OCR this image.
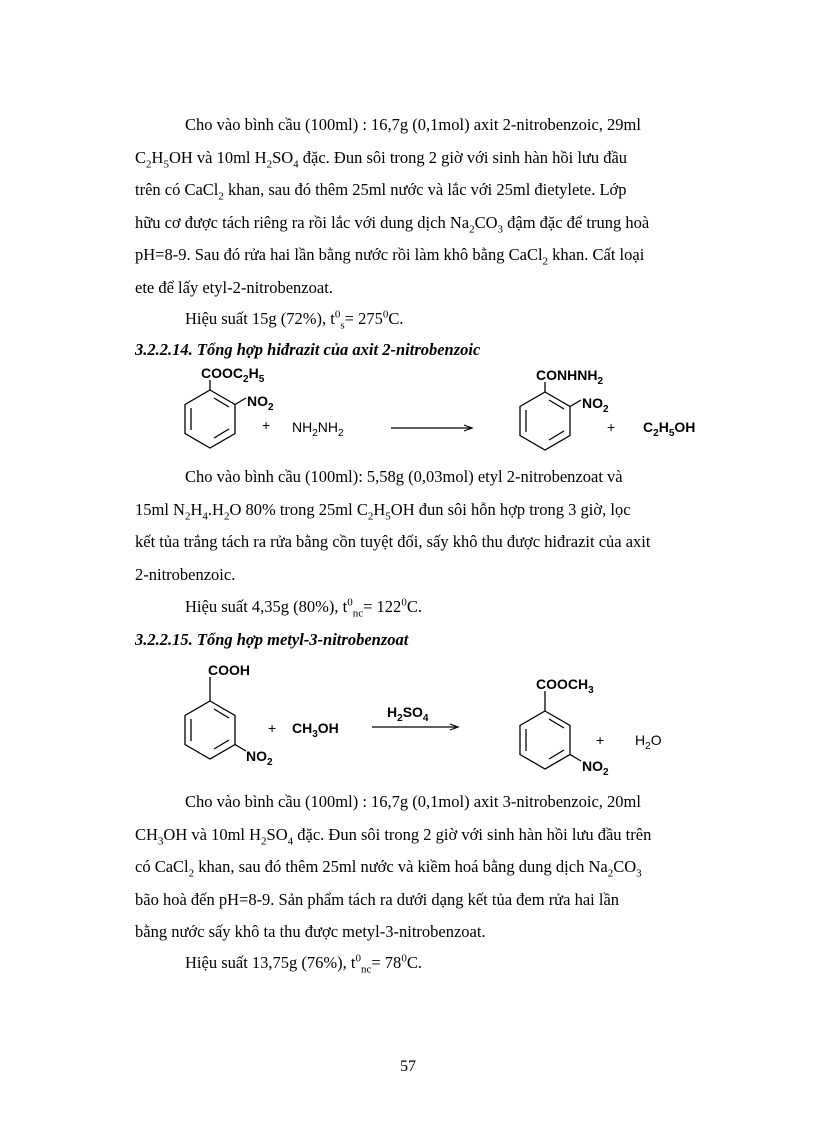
Cho vào bình cầu (100ml) : 16,7g (0,1mol) axit 2-nitrobenzoic, 29ml
$C_2H_5OH$ và 10ml $H_2SO_4$ đặc. Đun sôi trong 2 giờ với sinh hàn hồi lưu đầu
trên có CaCl$_2$ khan, sau đó thêm 25ml nước và lắc với 25ml đietylete. Lớp
hữu cơ được tách riêng ra rồi lắc với dung dịch $Na_2CO_3$ đậm đặc để trung hoà
pH=8-9. Sau đó rửa hai lần bằng nước rồi làm khô bằng CaCl$_2$ khan. Cất loại
ete để lấy etyl-2-nitrobenzoat.

Hiệu suất 15g (72%), $t^0_s= 275^0C$.

3.2.2.14. Tổng hợp hiđrazit của axit 2-nitrobenzoic

$COOC_2H_5$
$NO_2$
+ $NH_2NH_2$
$CONHNH_2$
$NO_2$
+ $C_2H_5OH$
Cho vào bình cầu (100ml): 5,58g (0,03mol) etyl 2-nitrobenzoat và
15ml $N_2H_4.H_2O$ 80% trong 25ml $C_2H_5OH$ đun sôi hỗn hợp trong 3 giờ, lọc
kết tủa trắng tách ra rửa bằng cồn tuyệt đối, sấy khô thu được hiđrazit của axit
2-nitrobenzoic.

Hiệu suất 4,35g (80%), $t^0_{nc}= 122^0C$.

3.2.2.15. Tổng hợp metyl-3-nitrobenzoat

COOH
$NO_2$
+ $CH_3OH$
$H_2SO_4$
$COOCH_3$
$NO_2$
+ $H_2O$
Cho vào bình cầu (100ml) : 16,7g (0,1mol) axit 3-nitrobenzoic, 20ml
$CH_3OH$ và 10ml $H_2SO_4$ đặc. Đun sôi trong 2 giờ với sinh hàn hồi lưu đầu trên
có CaCl$_2$ khan, sau đó thêm 25ml nước và kiềm hoá bằng dung dịch $Na_2CO_3$
bão hoà đến pH=8-9. Sản phẩm tách ra dưới dạng kết tủa đem rửa hai lần
bằng nước sấy khô ta thu được metyl-3-nitrobenzoat.

Hiệu suất 13,75g (76%), $t^0_{nc}= 78^0C$.

57
